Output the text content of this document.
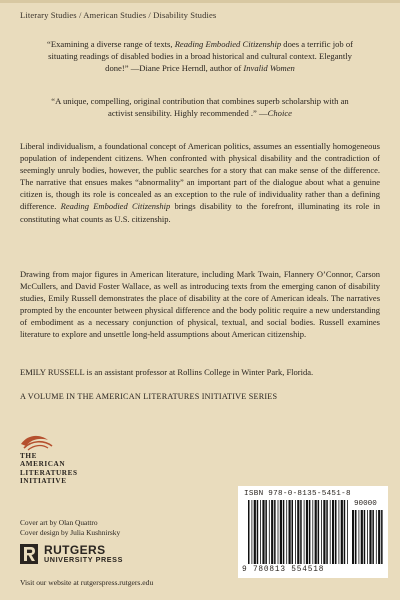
Literary Studies / American Studies / Disability Studies
“Examining a diverse range of texts, Reading Embodied Citizenship does a terrific job of situating readings of disabled bodies in a broad historical and cultural context. Elegantly done!” —Diane Price Herndl, author of Invalid Women
“A unique, compelling, original contribution that combines superb scholarship with an activist sensibility. Highly recommended .” —Choice
Liberal individualism, a foundational concept of American politics, assumes an essentially homogeneous population of independent citizens. When confronted with physical disability and the contradiction of seemingly unruly bodies, however, the public searches for a story that can make sense of the difference. The narrative that ensues makes “abnormality” an important part of the dialogue about what a genuine citizen is, though its role is concealed as an exception to the rule of individuality rather than a defining difference. Reading Embodied Citizenship brings disability to the forefront, illuminating its role in constituting what counts as U.S. citizenship.
Drawing from major figures in American literature, including Mark Twain, Flannery O’Connor, Carson McCullers, and David Foster Wallace, as well as introducing texts from the emerging canon of disability studies, Emily Russell demonstrates the place of disability at the core of American ideals. The narratives prompted by the encounter between physical difference and the body politic require a new understanding of embodiment as a necessary conjunction of physical, textual, and social bodies. Russell examines literature to explore and unsettle long-held assumptions about American citizenship.
EMILY RUSSELL is an assistant professor at Rollins College in Winter Park, Florida.
A VOLUME IN THE AMERICAN LITERATURES INITIATIVE SERIES
THE
AMERICAN
LITERATURES
INITIATIVE
Cover art by Olan Quattro
Cover design by Julia Kushnirsky
RUTGERS
UNIVERSITY PRESS
Visit our website at rutgerspress.rutgers.edu
ISBN 978-0-8135-5451-8
90000
9 780813 554518
